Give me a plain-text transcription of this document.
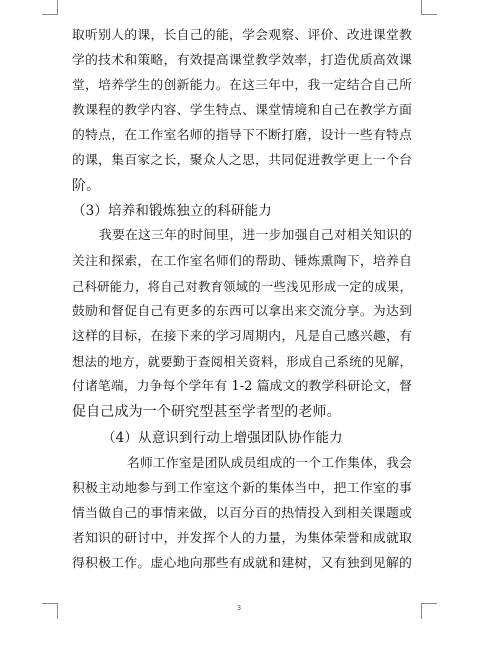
取听别人的课，长自己的能，学会观察、评价、改进课堂教
学的技术和策略，有效提高课堂教学效率，打造优质高效课
堂，培养学生的创新能力。在这三年中，我一定结合自己所
教课程的教学内容、学生特点、课堂情境和自己在教学方面
的特点，在工作室名师的指导下不断打磨，设计一些有特点
的课，集百家之长，聚众人之思，共同促进教学更上一个台
阶。
（3）培养和锻炼独立的科研能力
我要在这三年的时间里，进一步加强自己对相关知识的
关注和探索，在工作室名师们的帮助、锤炼熏陶下，培养自
己科研能力，将自己对教育领域的一些浅见形成一定的成果，
鼓励和督促自己有更多的东西可以拿出来交流分享。为达到
这样的目标，在接下来的学习周期内，凡是自己感兴趣，有
想法的地方，就要勤于查阅相关资料，形成自己系统的见解，
付诸笔端，力争每个学年有 1-2 篇成文的教学科研论文，督
促自己成为一个研究型甚至学者型的老师。
（4）从意识到行动上增强团队协作能力
名师工作室是团队成员组成的一个工作集体，我会
积极主动地参与到工作室这个新的集体当中，把工作室的事
情当做自己的事情来做，以百分百的热情投入到相关课题或
者知识的研讨中，并发挥个人的力量，为集体荣誉和成就取
得积极工作。虚心地向那些有成就和建树，又有独到见解的
3
